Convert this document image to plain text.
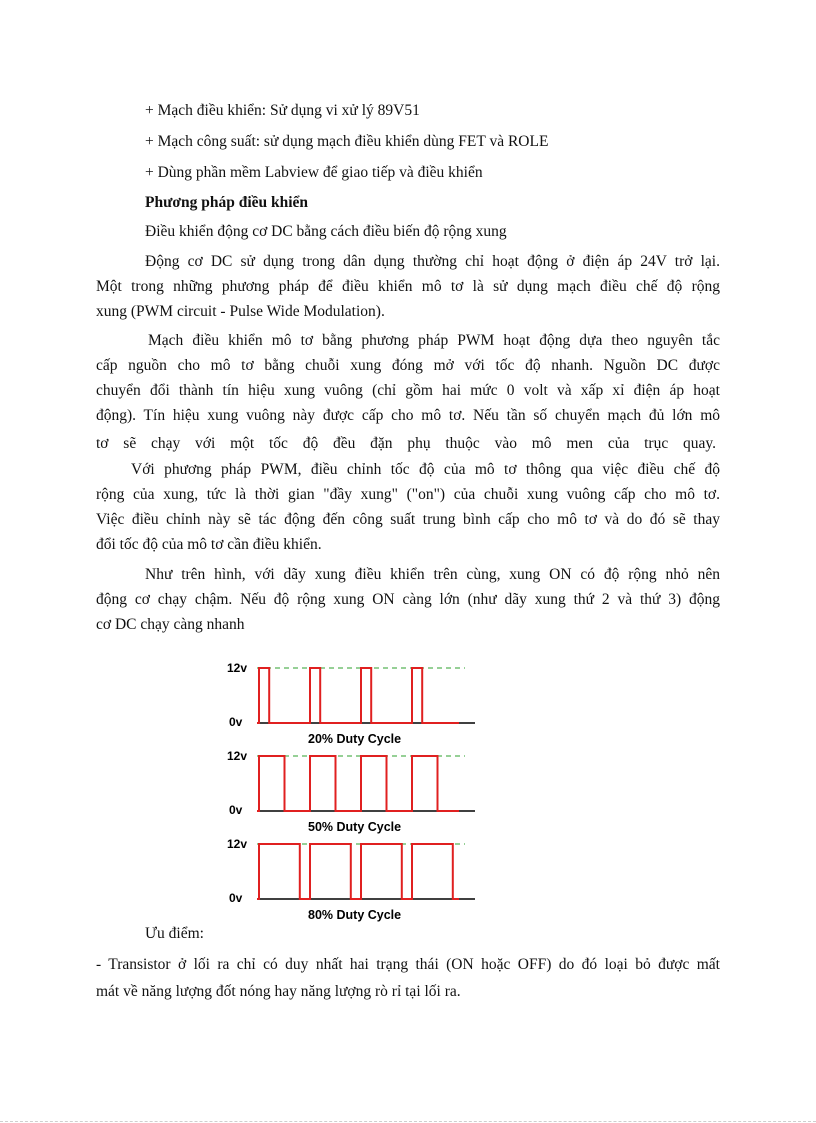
+ Mạch điều khiển: Sử dụng vi xử lý 89V51
+ Mạch công suất: sử dụng mạch điều khiển dùng FET và ROLE
+ Dùng phần mềm Labview để giao tiếp và điều khiển
Phương pháp điều khiển
Điều khiển động cơ DC bằng cách điều biến độ rộng xung
Động cơ DC sử dụng trong dân dụng thường chỉ hoạt động ở điện áp 24V trở lại.
Một trong những phương pháp để điều khiển mô tơ là sử dụng mạch điều chế độ rộng
xung (PWM circuit - Pulse Wide Modulation).
Mạch điều khiển mô tơ bằng phương pháp PWM hoạt động dựa theo nguyên tắc
cấp nguồn cho mô tơ bằng chuỗi xung đóng mở với tốc độ nhanh. Nguồn DC được
chuyển đổi thành tín hiệu xung vuông (chỉ gồm hai mức 0 volt và xấp xỉ điện áp hoạt
động). Tín hiệu xung vuông này được cấp cho mô tơ. Nếu tần số chuyển mạch đủ lớn mô
tơ sẽ chạy với một tốc độ đều đặn phụ thuộc vào mô men của trục quay.
Với phương pháp PWM, điều chỉnh tốc độ của mô tơ thông qua việc điều chế độ
rộng của xung, tức là thời gian "đầy xung" ("on") của chuỗi xung vuông cấp cho mô tơ.
Việc điều chỉnh này sẽ tác động đến công suất trung bình cấp cho mô tơ và do đó sẽ thay
đổi tốc độ của mô tơ cần điều khiển.
Như trên hình, với dãy xung điều khiển trên cùng, xung ON có độ rộng nhỏ nên
động cơ chạy chậm. Nếu độ rộng xung ON càng lớn (như dãy xung thứ 2 và thứ 3) động
cơ DC chạy càng nhanh
12v
0v
20% Duty Cycle
12v
0v
50% Duty Cycle
12v
0v
80% Duty Cycle
Ưu điểm:
- Transistor ở lối ra chỉ có duy nhất hai trạng thái (ON hoặc OFF) do đó loại bỏ được mất
mát về năng lượng đốt nóng hay năng lượng rò rỉ tại lối ra.
